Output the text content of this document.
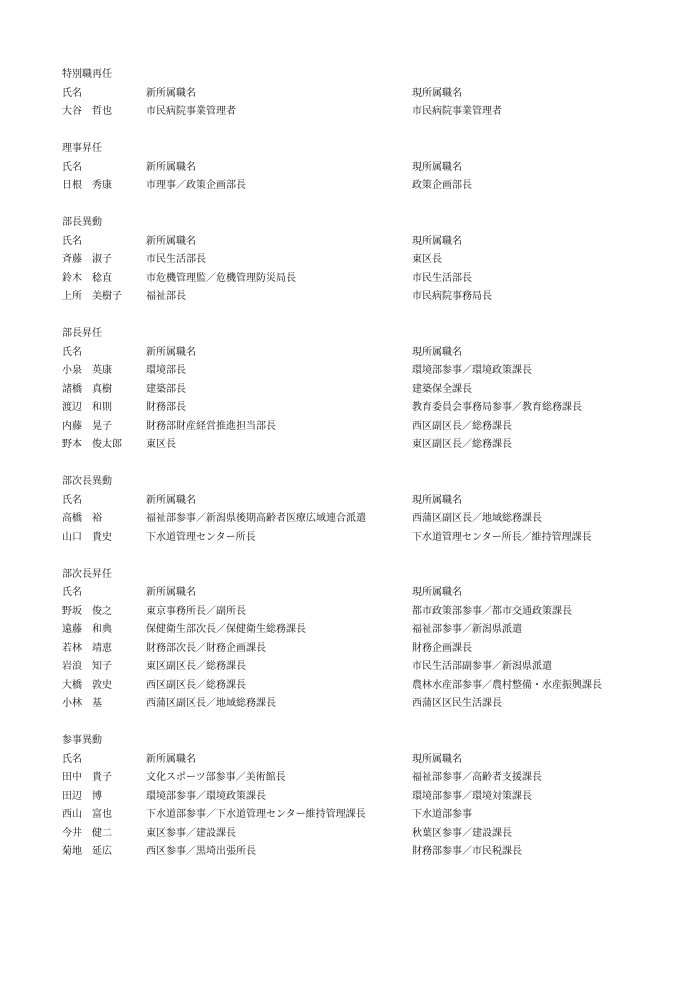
特別職再任
氏名	新所属職名	現所属職名
大谷　哲也	市民病院事業管理者	市民病院事業管理者
理事昇任
氏名	新所属職名	現所属職名
日根　秀康	市理事／政策企画部長	政策企画部長
部長異動
氏名	新所属職名	現所属職名
斉藤　淑子	市民生活部長	東区長
鈴木　稔直	市危機管理監／危機管理防災局長	市民生活部長
上所　美樹子 福祉部長	市民病院事務局長
部長昇任
氏名	新所属職名	現所属職名
小泉　英康	環境部長	環境部参事／環境政策課長
諸橋　真樹	建築部長	建築保全課長
渡辺　和則	財務部長	教育委員会事務局参事／教育総務課長
内藤　晃子	財務部財産経営推進担当部長	西区副区長／総務課長
野本　俊太郎 東区長	東区副区長／総務課長
部次長異動
氏名	新所属職名	現所属職名
高橋　裕	福祉部参事／新潟県後期高齢者医療広域連合派遣	西蒲区副区長／地域総務課長
山口　貴史	下水道管理センター所長	下水道管理センター所長／維持管理課長
部次長昇任
氏名	新所属職名	現所属職名
野坂　俊之	東京事務所長／副所長	都市政策部参事／都市交通政策課長
遠藤　和典	保健衛生部次長／保健衛生総務課長	福祉部参事／新潟県派遣
若林　靖恵	財務部次長／財務企画課長	財務企画課長
岩浪　知子	東区副区長／総務課長	市民生活部副参事／新潟県派遣
大橋　敦史	西区副区長／総務課長	農林水産部参事／農村整備・水産振興課長
小林　基	西蒲区副区長／地域総務課長	西蒲区区民生活課長
参事異動
氏名	新所属職名	現所属職名
田中　貴子	文化スポーツ部参事／美術館長	福祉部参事／高齢者支援課長
田辺　博	環境部参事／環境政策課長	環境部参事／環境対策課長
西山　富也	下水道部参事／下水道管理センター維持管理課長	下水道部参事
今井　健二	東区参事／建設課長	秋葉区参事／建設課長
菊地　延広	西区参事／黒埼出張所長	財務部参事／市民税課長
